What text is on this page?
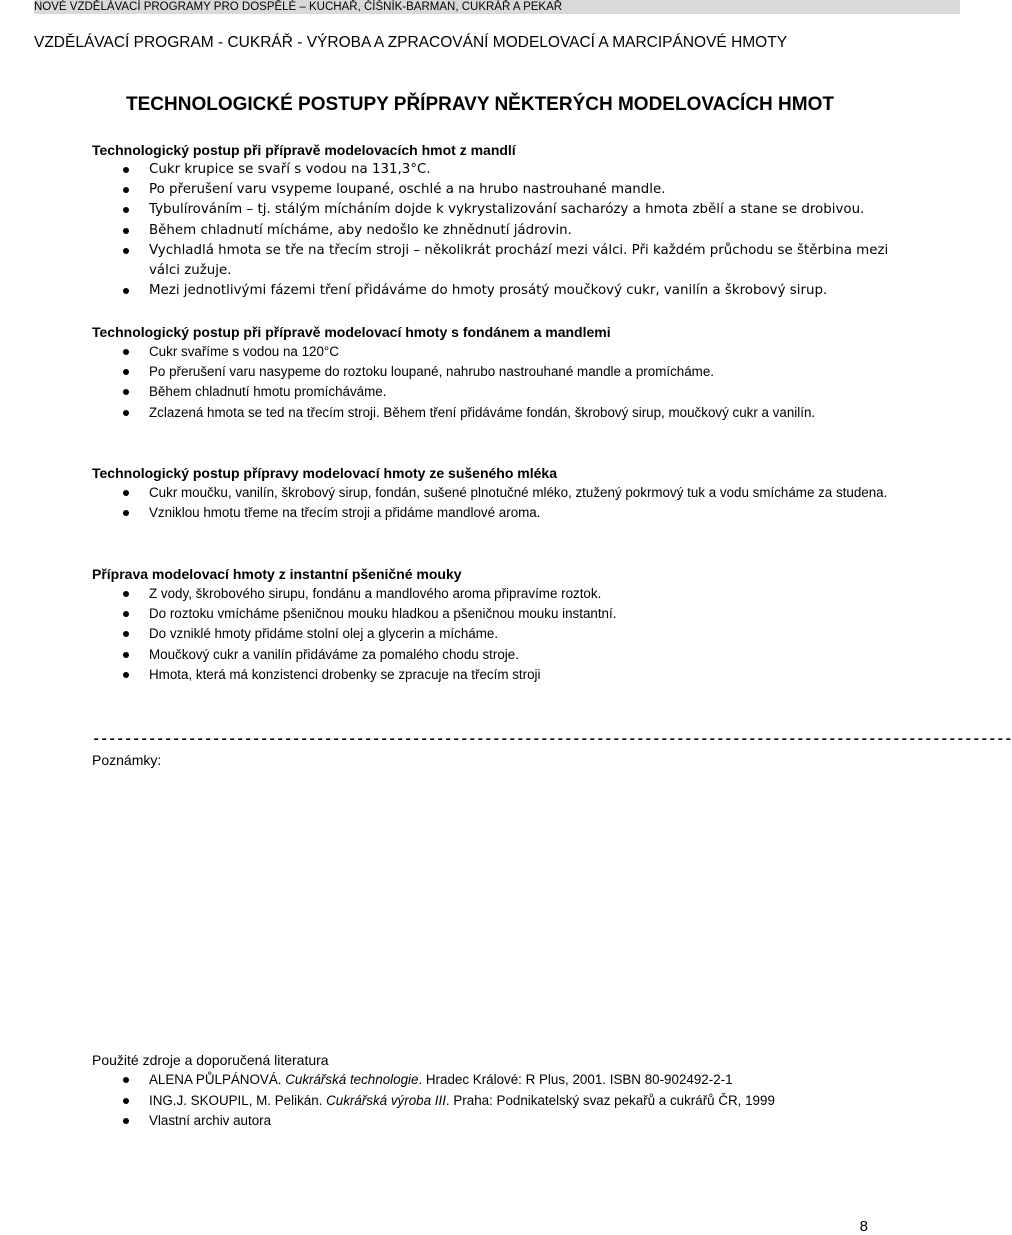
NOVÉ VZDĚLÁVACÍ PROGRAMY PRO DOSPĚLÉ – KUCHAŘ, ČÍŠNÍK-BARMAN, CUKRÁŘ A PEKAŘ
VZDĚLÁVACÍ PROGRAM - CUKRÁŘ - VÝROBA A ZPRACOVÁNÍ MODELOVACÍ A MARCIPÁNOVÉ HMOTY
TECHNOLOGICKÉ POSTUPY PŘÍPRAVY NĚKTERÝCH MODELOVACÍCH HMOT
Technologický postup při přípravě modelovacích hmot z mandlí
Cukr krupice se svaří s vodou na 131,3°C.
Po přerušení varu vsypeme loupané, oschlé a na hrubo nastrouhané mandle.
Tybulírováním – tj. stálým mícháním dojde k vykrystalizování sacharózy a hmota zbělí a stane se drobivou.
Během chladnutí mícháme, aby nedošlo ke zhnědnutí jádrovin.
Vychladlá hmota se tře na třecím stroji – několikrát prochází mezi válci. Při každém průchodu se štěrbina mezi válci zužuje.
Mezi jednotlivými fázemi tření přidáváme do hmoty prosátý moučkový cukr, vanilín a škrobový sirup.
Technologický postup při přípravě modelovací hmoty s fondánem a mandlemi
Cukr svaříme s vodou na 120°C
Po přerušení varu nasypeme do roztoku loupané, nahrubo nastrouhané mandle a promícháme.
Během chladnutí hmotu promícháváme.
Zclazená hmota se ted na třecím stroji. Během tření přidáváme fondán, škrobový sirup, moučkový cukr a vanilín.
Technologický postup přípravy modelovací hmoty ze sušeného mléka
Cukr moučku, vanilín, škrobový sirup, fondán, sušené plnotučné mléko, ztužený pokrmový tuk a vodu smícháme za studena.
Vzniklou hmotu třeme na třecím stroji a přidáme mandlové aroma.
Příprava modelovací hmoty z instantní pšeničné mouky
Z vody, škrobového sirupu, fondánu a mandlového aroma připravíme roztok.
Do roztoku vmícháme pšeničnou mouku hladkou a pšeničnou mouku instantní.
Do vzniklé hmoty přidáme stolní olej a glycerin a mícháme.
Moučkový cukr a vanilín přidáváme za pomalého chodu stroje.
Hmota, která má konzistenci drobenky se zpracuje na třecím stroji
-------------------------------------------------------------------------------------------------------------------
Poznámky:
Použité zdroje a doporučená literatura
ALENA PŮLPÁNOVÁ. Cukrářská technologie. Hradec Králové: R Plus, 2001. ISBN 80-902492-2-1
ING.J. SKOUPIL, M. Pelikán. Cukrářská výroba III. Praha: Podnikatelský svaz pekařů a cukrářů ČR, 1999
Vlastní archiv autora
8
